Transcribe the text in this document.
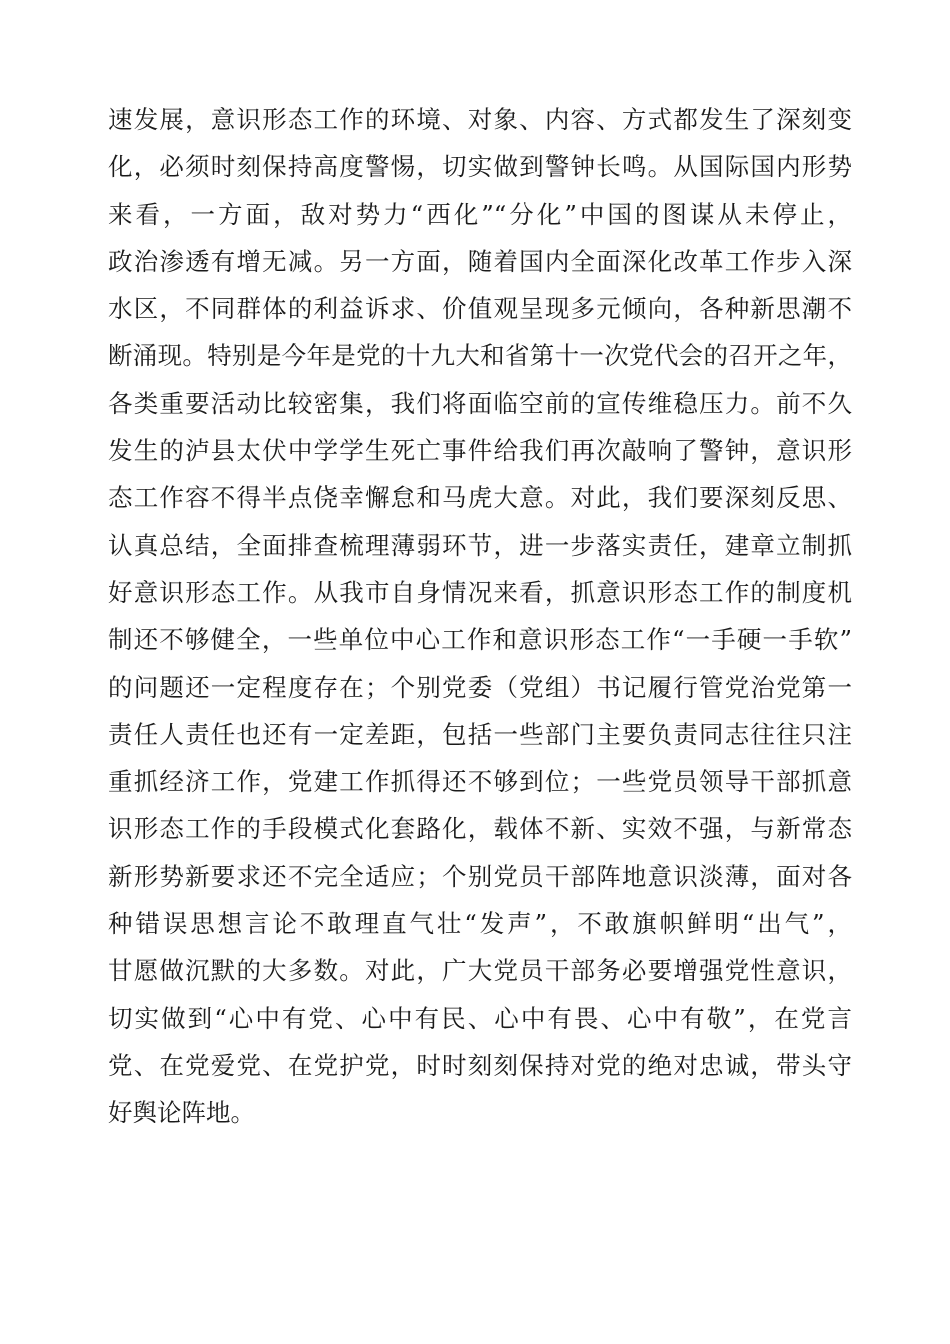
速发展，意识形态工作的环境、对象、内容、方式都发生了深刻变
化，必须时刻保持高度警惕，切实做到警钟长鸣。从国际国内形势
来看，一方面，敌对势力“西化”“分化”中国的图谋从未停止，
政治渗透有增无减。另一方面，随着国内全面深化改革工作步入深
水区，不同群体的利益诉求、价值观呈现多元倾向，各种新思潮不
断涌现。特别是今年是党的十九大和省第十一次党代会的召开之年，
各类重要活动比较密集，我们将面临空前的宣传维稳压力。前不久
发生的泸县太伏中学学生死亡事件给我们再次敲响了警钟，意识形
态工作容不得半点侥幸懈怠和马虎大意。对此，我们要深刻反思、
认真总结，全面排查梳理薄弱环节，进一步落实责任，建章立制抓
好意识形态工作。从我市自身情况来看，抓意识形态工作的制度机
制还不够健全，一些单位中心工作和意识形态工作“一手硬一手软”
的问题还一定程度存在；个别党委（党组）书记履行管党治党第一
责任人责任也还有一定差距，包括一些部门主要负责同志往往只注
重抓经济工作，党建工作抓得还不够到位；一些党员领导干部抓意
识形态工作的手段模式化套路化，载体不新、实效不强，与新常态
新形势新要求还不完全适应；个别党员干部阵地意识淡薄，面对各
种错误思想言论不敢理直气壮“发声”，不敢旗帜鲜明“出气”，
甘愿做沉默的大多数。对此，广大党员干部务必要增强党性意识，
切实做到“心中有党、心中有民、心中有畏、心中有敬”，在党言
党、在党爱党、在党护党，时时刻刻保持对党的绝对忠诚，带头守
好舆论阵地。
